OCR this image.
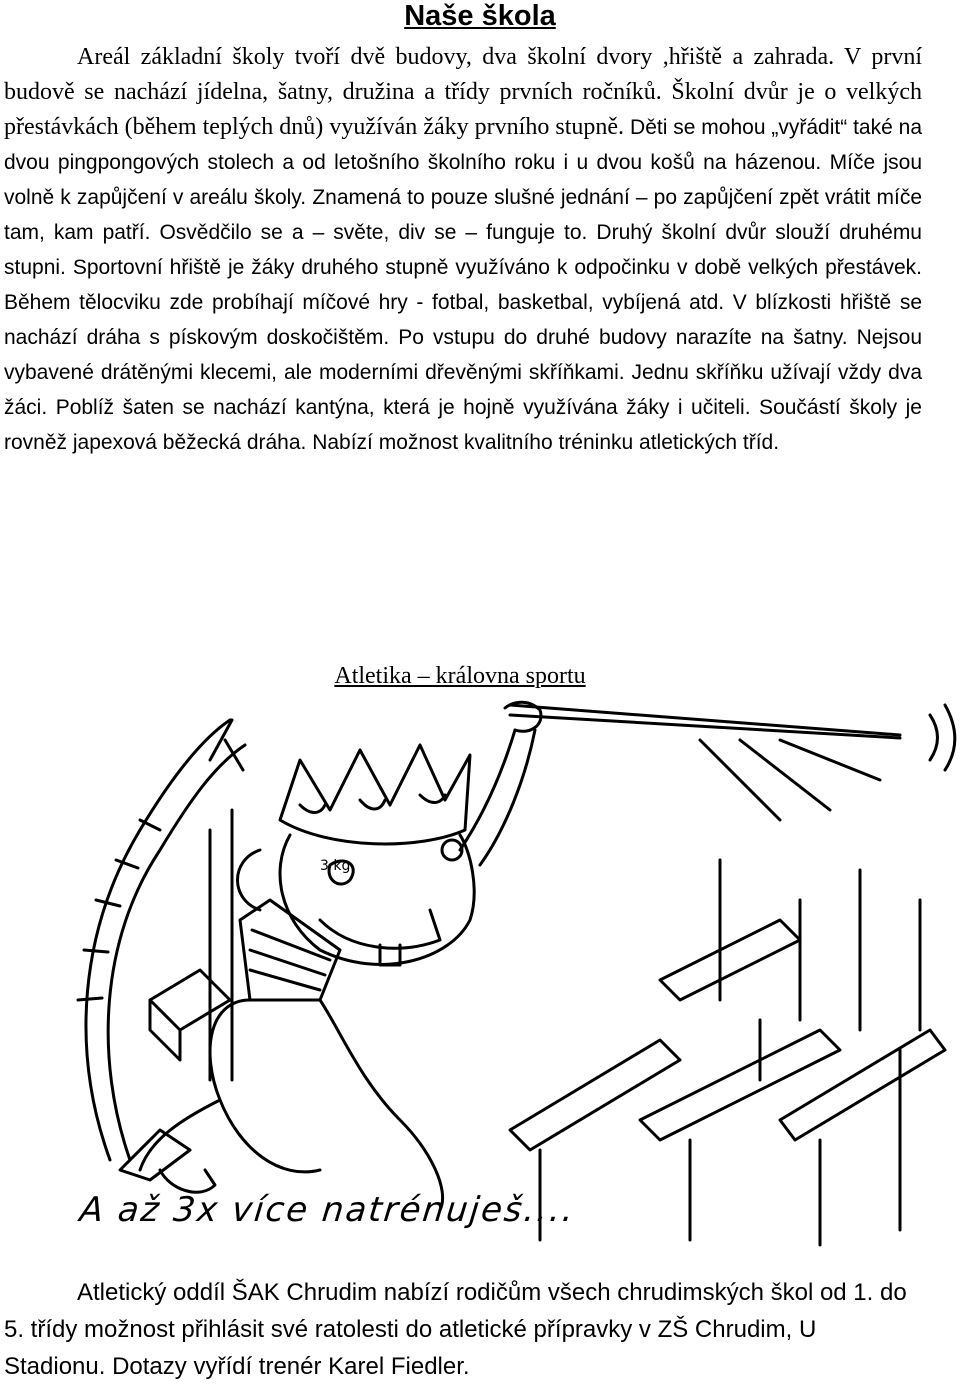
Naše škola

Areál základní školy tvoří dvě budovy, dva školní dvory ,hřiště a zahrada. V první budově se nachází jídelna, šatny, družina a třídy prvních ročníků. Školní dvůr je o velkých přestávkách (během teplých dnů) využíván žáky prvního stupně. Děti se mohou „vyřádit“ také na dvou pingpongových stolech a od letošního školního roku i u dvou košů na házenou. Míče jsou volně k zapůjčení v areálu školy. Znamená to pouze slušné jednání – po zapůjčení zpět vrátit míče tam, kam patří. Osvědčilo se a – světe, div se – funguje to. Druhý školní dvůr slouží druhému stupni. Sportovní hřiště je žáky druhého stupně využíváno k odpočinku v době velkých přestávek. Během tělocviku zde probíhají míčové hry - fotbal, basketbal, vybíjená atd. V blízkosti hřiště se nachází dráha s pískovým doskočištěm. Po vstupu do druhé budovy narazíte na šatny. Nejsou vybavené drátěnými klecemi, ale moderními dřevěnými skříňkami. Jednu skříňku užívají vždy dva žáci. Poblíž šaten se nachází kantýna, která je hojně využívána žáky i učiteli. Součástí školy je rovněž japexová běžecká dráha. Nabízí možnost kvalitního tréninku atletických tříd.

Atletika – královna sportu
3 kg
A až 3x více natrénuješ....

Atletický oddíl ŠAK Chrudim nabízí rodičům všech chrudimských škol od 1. do 5. třídy možnost přihlásit své ratolesti do atletické přípravky v ZŠ Chrudim, U Stadionu. Dotazy vyřídí trenér Karel Fiedler.
